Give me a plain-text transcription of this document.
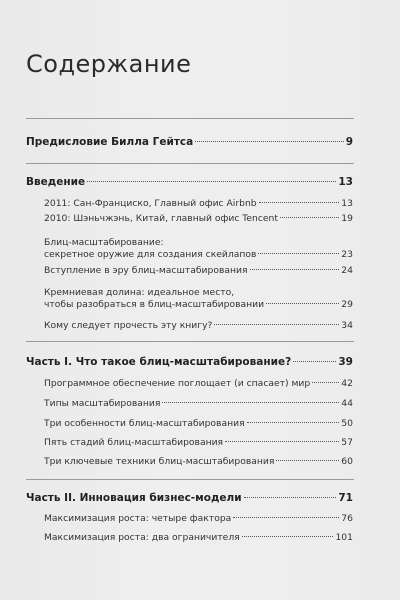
Содержание
Предисловие Билла Гейтса	9
Введение	13
2011: Сан-Франциско, Главный офис Airbnb	13
2010: Шэньчжэнь, Китай, главный офис Tencent	19
Блиц-масштабирование:
секретное оружие для создания скейлапов	23
Вступление в эру блиц-масштабирования	24
Кремниевая долина: идеальное место,
чтобы разобраться в блиц-масштабировании	29
Кому следует прочесть эту книгу?	34
Часть I. Что такое блиц-масштабирование?	39
Программное обеспечение поглощает (и спасает) мир	42
Типы масштабирования	44
Три особенности блиц-масштабирования	50
Пять стадий блиц-масштабирования	57
Три ключевые техники блиц-масштабирования	60
Часть II. Инновация бизнес-модели	71
Максимизация роста: четыре фактора	76
Максимизация роста: два ограничителя	101
